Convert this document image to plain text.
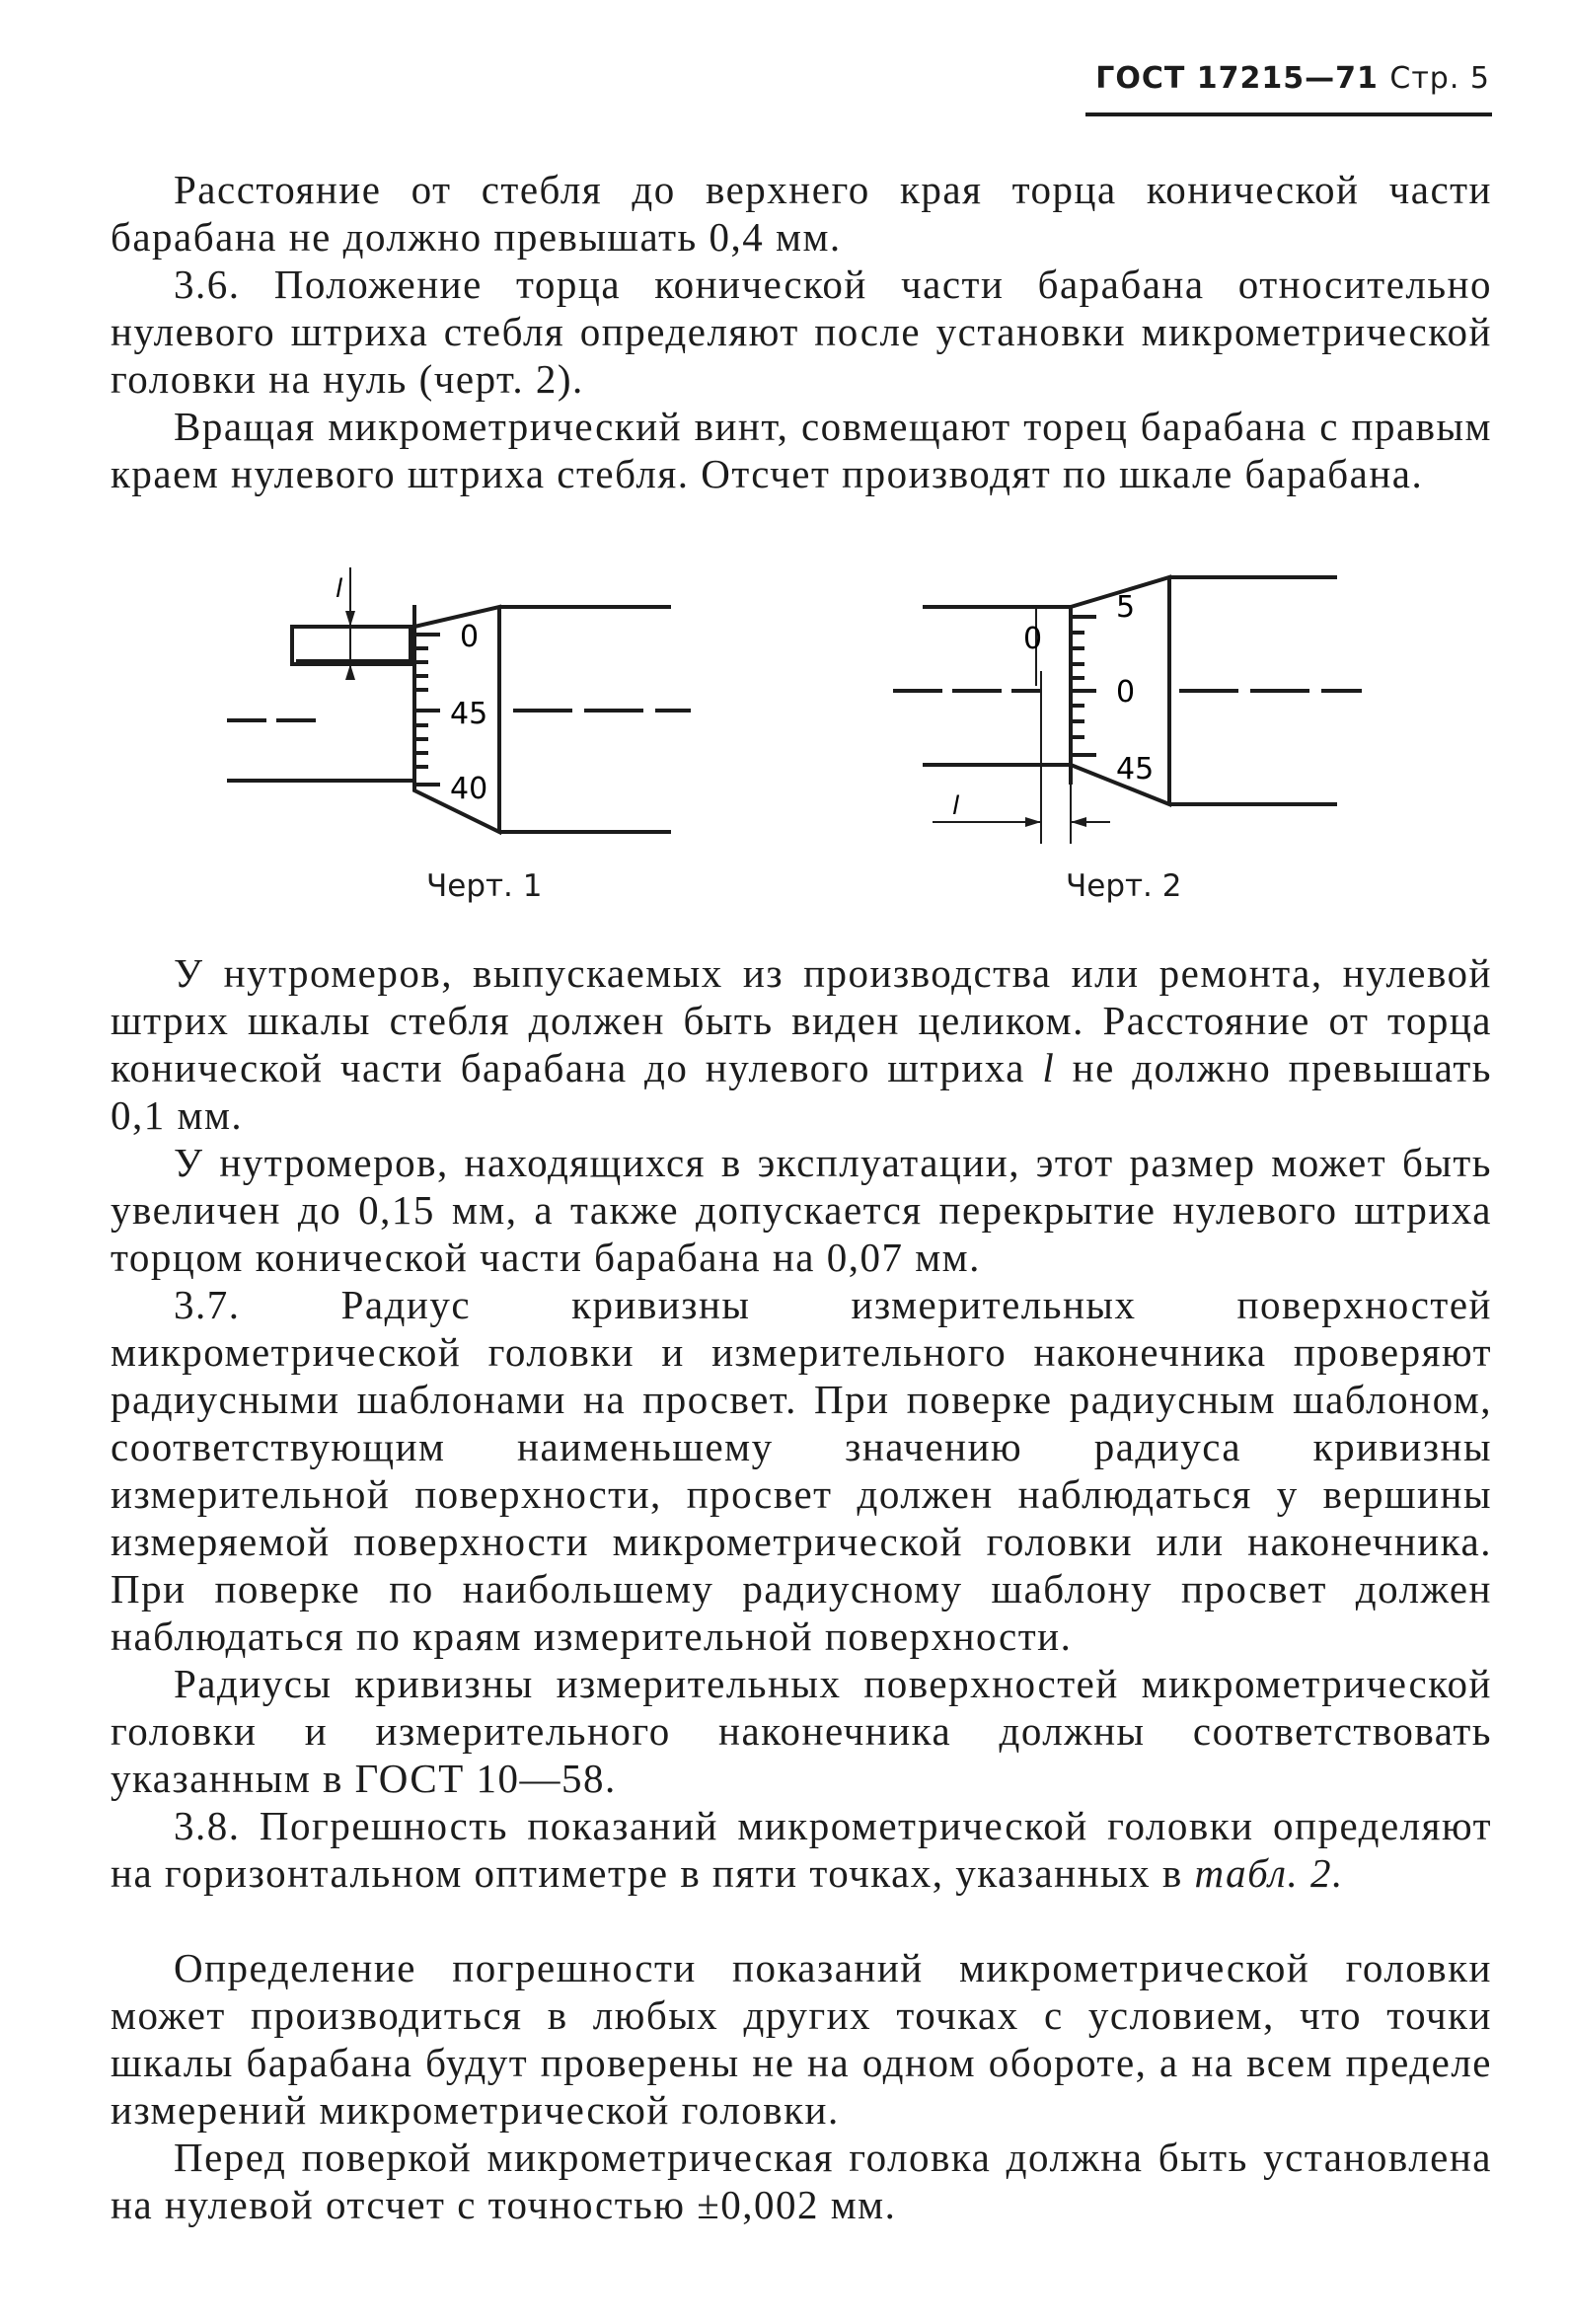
ГОСТ 17215—71 Стр. 5

Расстояние от стебля до верхнего края торца конической части барабана не должно превышать 0,4 мм.

3.6. Положение торца конической части барабана относительно нулевого штриха стебля определяют после установки микрометрической головки на нуль (черт. 2).

Вращая микрометрический винт, совмещают торец барабана с правым краем нулевого штриха стебля. Отсчет производят по шкале барабана.

l
0
45
40
Черт. 1
0
5
0
45
l
Черт. 2

У нутромеров, выпускаемых из производства или ремонта, нулевой штрих шкалы стебля должен быть виден целиком. Расстояние от торца конической части барабана до нулевого штриха l не должно превышать 0,1 мм.

У нутромеров, находящихся в эксплуатации, этот размер может быть увеличен до 0,15 мм, а также допускается перекрытие нулевого штриха торцом конической части барабана на 0,07 мм.

3.7. Радиус кривизны измерительных поверхностей микрометрической головки и измерительного наконечника проверяют радиусными шаблонами на просвет. При поверке радиусным шаблоном, соответствующим наименьшему значению радиуса кривизны измерительной поверхности, просвет должен наблюдаться у вершины измеряемой поверхности микрометрической головки или наконечника. При поверке по наибольшему радиусному шаблону просвет должен наблюдаться по краям измерительной поверхности.

Радиусы кривизны измерительных поверхностей микрометрической головки и измерительного наконечника должны соответствовать указанным в ГОСТ 10—58.

3.8. Погрешность показаний микрометрической головки определяют на горизонтальном оптиметре в пяти точках, указанных в табл. 2.

Определение погрешности показаний микрометрической головки может производиться в любых других точках с условием, что точки шкалы барабана будут проверены не на одном обороте, а на всем пределе измерений микрометрической головки.

Перед поверкой микрометрическая головка должна быть установлена на нулевой отсчет с точностью ±0,002 мм.
